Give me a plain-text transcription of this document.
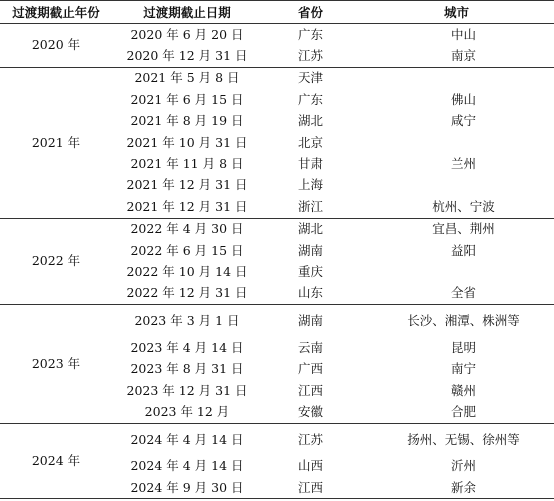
过渡期截止年份	过渡期截止日期	省份	城市
2020 年	2020 年 6 月 20 日	广东	中山
	2020 年 12 月 31 日	江苏	南京
2021 年	2021 年 5 月 8 日	天津	
	2021 年 6 月 15 日	广东	佛山
	2021 年 8 月 19 日	湖北	咸宁
	2021 年 10 月 31 日	北京	
	2021 年 11 月 8 日	甘肃	兰州
	2021 年 12 月 31 日	上海	
	2021 年 12 月 31 日	浙江	杭州、宁波
2022 年	2022 年 4 月 30 日	湖北	宜昌、荆州
	2022 年 6 月 15 日	湖南	益阳
	2022 年 10 月 14 日	重庆	
	2022 年 12 月 31 日	山东	全省
2023 年	2023 年 3 月 1 日	湖南	长沙、湘潭、株洲等
	2023 年 4 月 14 日	云南	昆明
	2023 年 8 月 31 日	广西	南宁
	2023 年 12 月 31 日	江西	赣州
	2023 年 12 月	安徽	合肥
2024 年	2024 年 4 月 14 日	江苏	扬州、无锡、徐州等
	2024 年 4 月 14 日	山西	沂州
	2024 年 9 月 30 日	江西	新余
